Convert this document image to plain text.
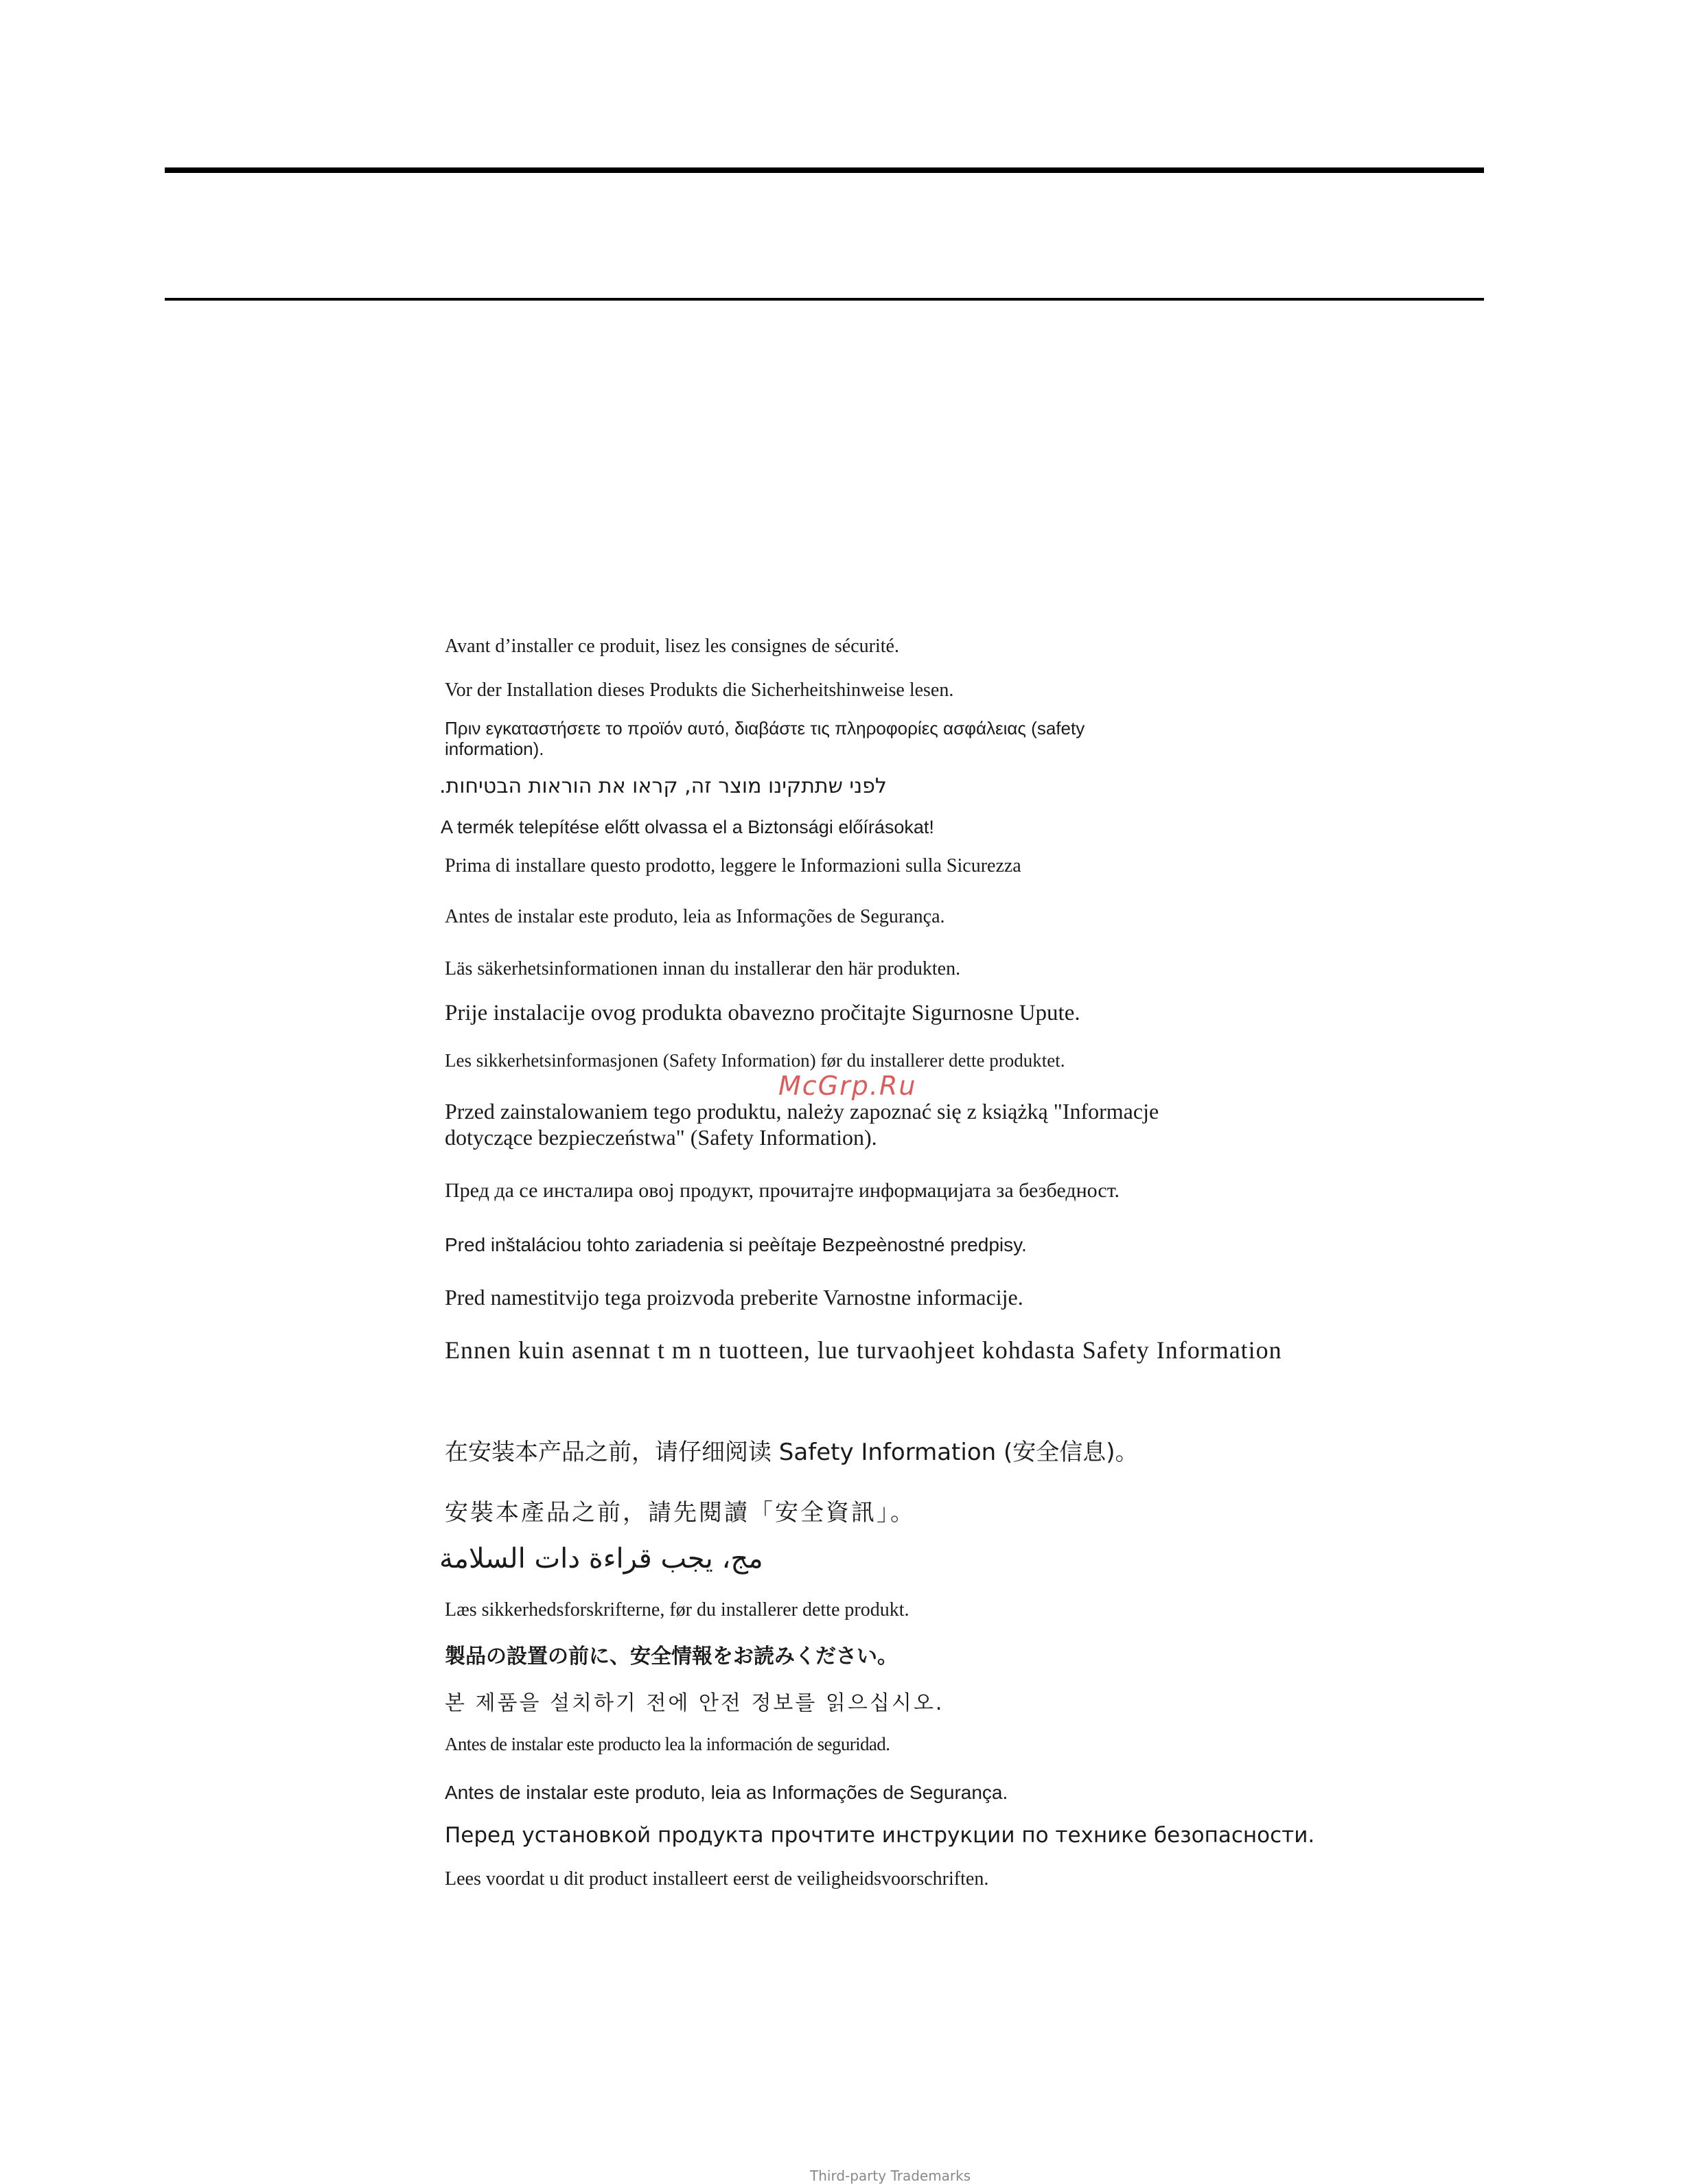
Avant d’installer ce produit, lisez les consignes de sécurité.

Vor der Installation dieses Produkts die Sicherheitshinweise lesen.

Πριν εγκαταστήσετε το προϊόν αυτό, διαβάστε τις πληροφορίες ασφάλειας (safety information).

לפני שתתקינו מוצר זה, קראו את הוראות הבטיחות.

A termék telepítése előtt olvassa el a Biztonsági előírásokat!

Prima di installare questo prodotto, leggere le Informazioni sulla Sicurezza

Antes de instalar este produto, leia as Informações de Segurança.

Läs säkerhetsinformationen innan du installerar den här produkten.

Prije instalacije ovog produkta obavezno pročitajte Sigurnosne Upute.

Les sikkerhetsinformasjonen (Safety Information) før du installerer dette produktet.

Przed zainstalowaniem tego produktu, należy zapoznać się z książką "Informacje dotyczące bezpieczeństwa" (Safety Information).

Пред да се инсталира овој продукт, прочитајте информацијата за безбедност.

Pred inštaláciou tohto zariadenia si peèítaje Bezpeènostné predpisy.

Pred namestitvijo tega proizvoda preberite Varnostne informacije.

Ennen kuin asennat t m n tuotteen, lue turvaohjeet kohdasta Safety Information

在安装本产品之前，请仔细阅读 Safety Information (安全信息)。

安裝本產品之前，請先閱讀「安全資訊」。

مج، يجب قراءة دات السلامة

Læs sikkerhedsforskrifterne, før du installerer dette produkt.

製品の設置の前に、安全情報をお読みください。

본 제품을 설치하기 전에 안전 정보를 읽으십시오.

Antes de instalar este producto lea la información de seguridad.

Antes de instalar este produto, leia as Informações de Segurança.

Перед установкой продукта прочтите инструкции по технике безопасности.

Lees voordat u dit product installeert eerst de veiligheidsvoorschriften.

McGrp.Ru
Third-party Trademarks
